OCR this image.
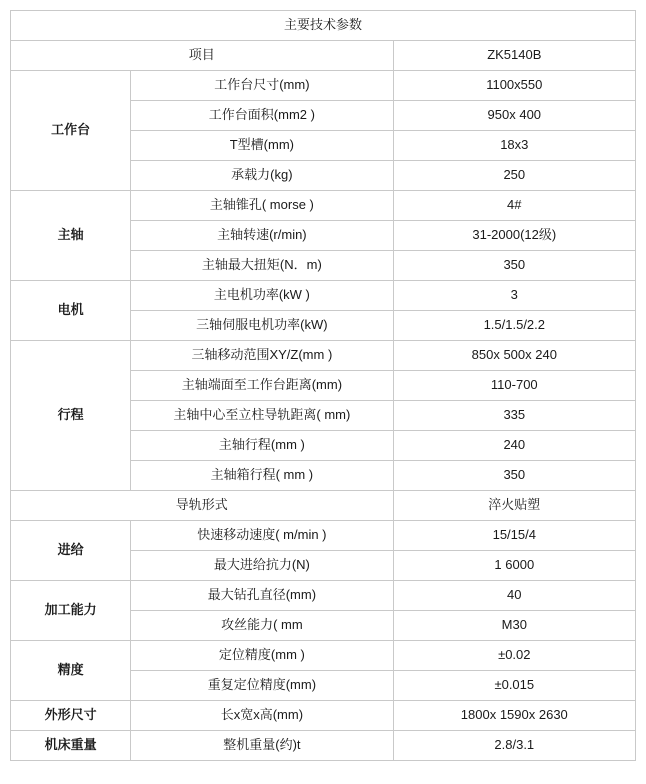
主要技术参数		
项目		ZK5140B
工作台	工作台尺寸(mm)	1100x550
	工作台面积(mm2 )	950x 400
	T型槽(mm)	18x3
	承载力(kg)	250
主轴	主轴锥孔( morse )	4#
	主轴转速(r/min)	31-2000(12级)
	主轴最大扭矩(N．m)	350
电机	主电机功率(kW )	3
	三轴伺服电机功率(kW)	1.5/1.5/2.2
行程	三轴移动范围XY/Z(mm )	850x 500x 240
	主轴端面至工作台距离(mm)	110-700
	主轴中心至立柱导轨距离( mm)	335
	主轴行程(mm )	240
	主轴箱行程( mm )	350
导轨形式		淬火贴塑
进给	快速移动速度( m/min )	15/15/4
	最大进给抗力(N)	1 6000
加工能力	最大钻孔直径(mm)	40
	攻丝能力( mm	M30
精度	定位精度(mm )	±0.02
	重复定位精度(mm)	±0.015
外形尺寸	长x宽x高(mm)	1800x 1590x 2630
机床重量	整机重量(约)t	2.8/3.1
